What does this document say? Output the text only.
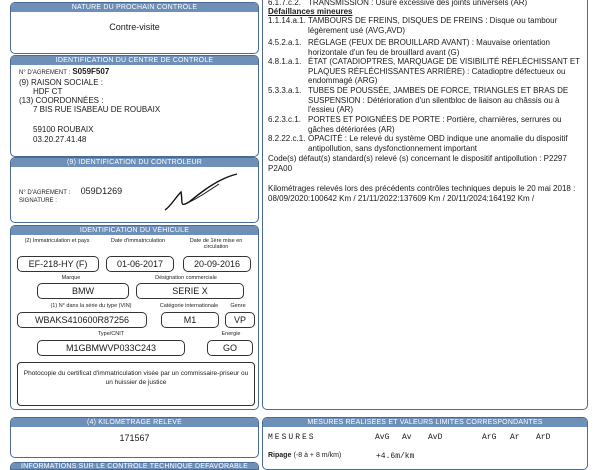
NATURE DU PROCHAIN CONTRÔLE
Contre-visite
IDENTIFICATION DU CENTRE DE CONTRÔLE
N° D'AGREMENT : S059F507
(9) RAISON SOCIALE :
HDF CT
(13) COORDONNÉES :
7 BIS RUE ISABEAU DE ROUBAIX
59100 ROUBAIX
03.20.27.41.48
(9) IDENTIFICATION DU CONTRÔLEUR
N° D'AGREMENT : 059D1269
SIGNATURE :
IDENTIFICATION DU VÉHICULE
(2) Immatriculation et pays	Date d'immatriculation	Date de 1ère mise en circulation
EF-218-HY (F)	01-06-2017	20-09-2016
Marque	Désignation commerciale
BMW	SERIE X
(1) N° dans la série du type (VIN)	Catégorie internationale	Genre
WBAKS410600R87256	M1	VP
Type/CNIT	Energie
M1GBMWVP033C243	GO
Photocopie du certificat d'immatriculation visée par un commissaire-priseur ou un huissier de justice
(4) KILOMÉTRAGE RELEVÉ
171567
INFORMATIONS SUR LE CONTRÔLE TECHNIQUE DÉFAVORABLE
6.1.7.c.2. TRANSMISSION : Usure excessive des joints universels (AR)
Défaillances mineures
1.1.14.a.1. TAMBOURS DE FREINS, DISQUES DE FREINS : Disque ou tambour légèrement usé (AVG,AVD)
4.5.2.a.1. RÉGLAGE (FEUX DE BROUILLARD AVANT) : Mauvaise orientation horizontale d'un feu de brouillard avant (G)
4.8.1.a.1. ÉTAT (CATADIOPTRES, MARQUAGE DE VISIBILITÉ RÉFLÉCHISSANT ET PLAQUES RÉFLÉCHISSANTES ARRIÈRE) : Catadioptre défectueux ou endommagé (ARG)
5.3.3.a.1. TUBES DE POUSSÉE, JAMBES DE FORCE, TRIANGLES ET BRAS DE SUSPENSION : Détérioration d'un silentbloc de liaison au châssis ou à l'essieu (AR)
6.2.3.c.1. PORTES ET POIGNÉES DE PORTE : Portière, charnières, serrures ou gâches détériorées (AR)
8.2.22.c.1. OPACITÉ : Le relevé du système OBD indique une anomalie du dispositif antipollution, sans dysfonctionnement important
Code(s) défaut(s) standard(s) relevé (s) concernant le dispositif antipollution : P2297 P2A00
Kilométrages relevés lors des précédents contrôles techniques depuis le 20 mai 2018 : 08/09/2020:100642 Km / 21/11/2022:137609 Km / 20/11/2024:164192 Km /
MESURES RÉALISÉES ET VALEURS LIMITES CORRESPONDANTES
MESURES	AvG Av AvD	ArG Ar ArD
Ripage (-8 à + 8 m/km)	+4.6m/km
